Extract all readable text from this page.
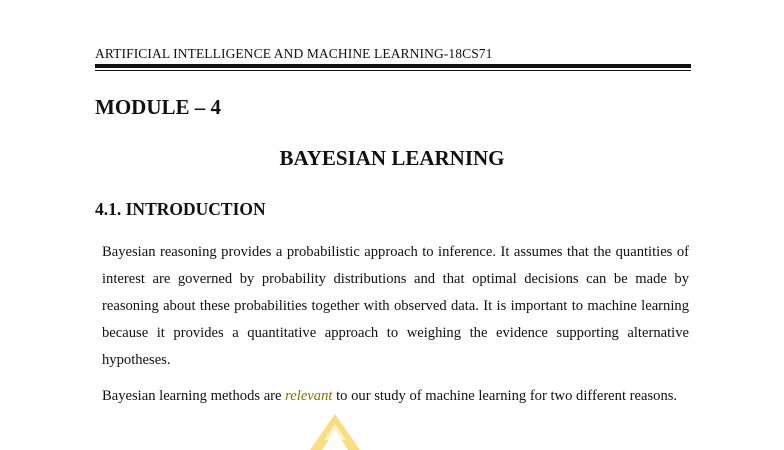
ARTIFICIAL INTELLIGENCE AND MACHINE LEARNING-18CS71
MODULE – 4
BAYESIAN LEARNING
4.1. INTRODUCTION

Bayesian reasoning provides a probabilistic approach to inference. It assumes that the quantities of interest are governed by probability distributions and that optimal decisions can be made by reasoning about these probabilities together with observed data. It is important to machine learning because it provides a quantitative approach to weighing the evidence supporting alternative hypotheses.

Bayesian learning methods are relevant to our study of machine learning for two different reasons.
